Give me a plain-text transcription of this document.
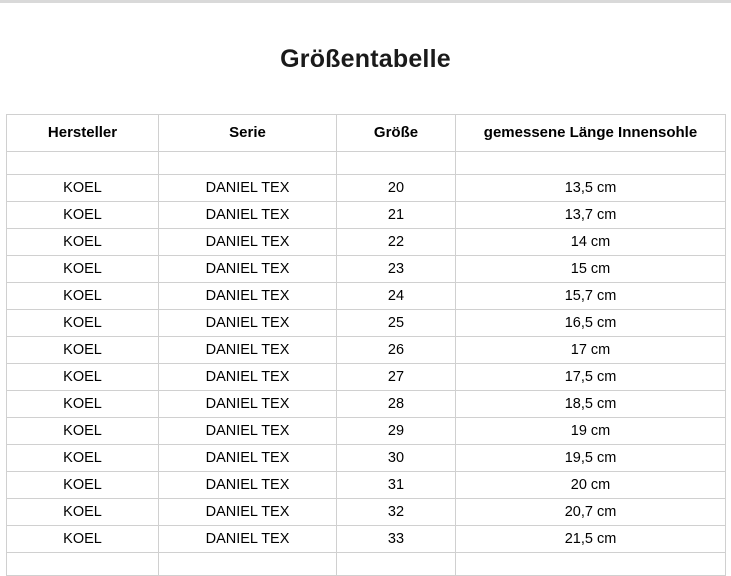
Größentabelle
Hersteller	Serie	Größe	gemessene Länge Innensohle

KOEL	DANIEL TEX	20	13,5 cm
KOEL	DANIEL TEX	21	13,7 cm
KOEL	DANIEL TEX	22	14 cm
KOEL	DANIEL TEX	23	15 cm
KOEL	DANIEL TEX	24	15,7 cm
KOEL	DANIEL TEX	25	16,5 cm
KOEL	DANIEL TEX	26	17 cm
KOEL	DANIEL TEX	27	17,5 cm
KOEL	DANIEL TEX	28	18,5 cm
KOEL	DANIEL TEX	29	19 cm
KOEL	DANIEL TEX	30	19,5 cm
KOEL	DANIEL TEX	31	20 cm
KOEL	DANIEL TEX	32	20,7 cm
KOEL	DANIEL TEX	33	21,5 cm
